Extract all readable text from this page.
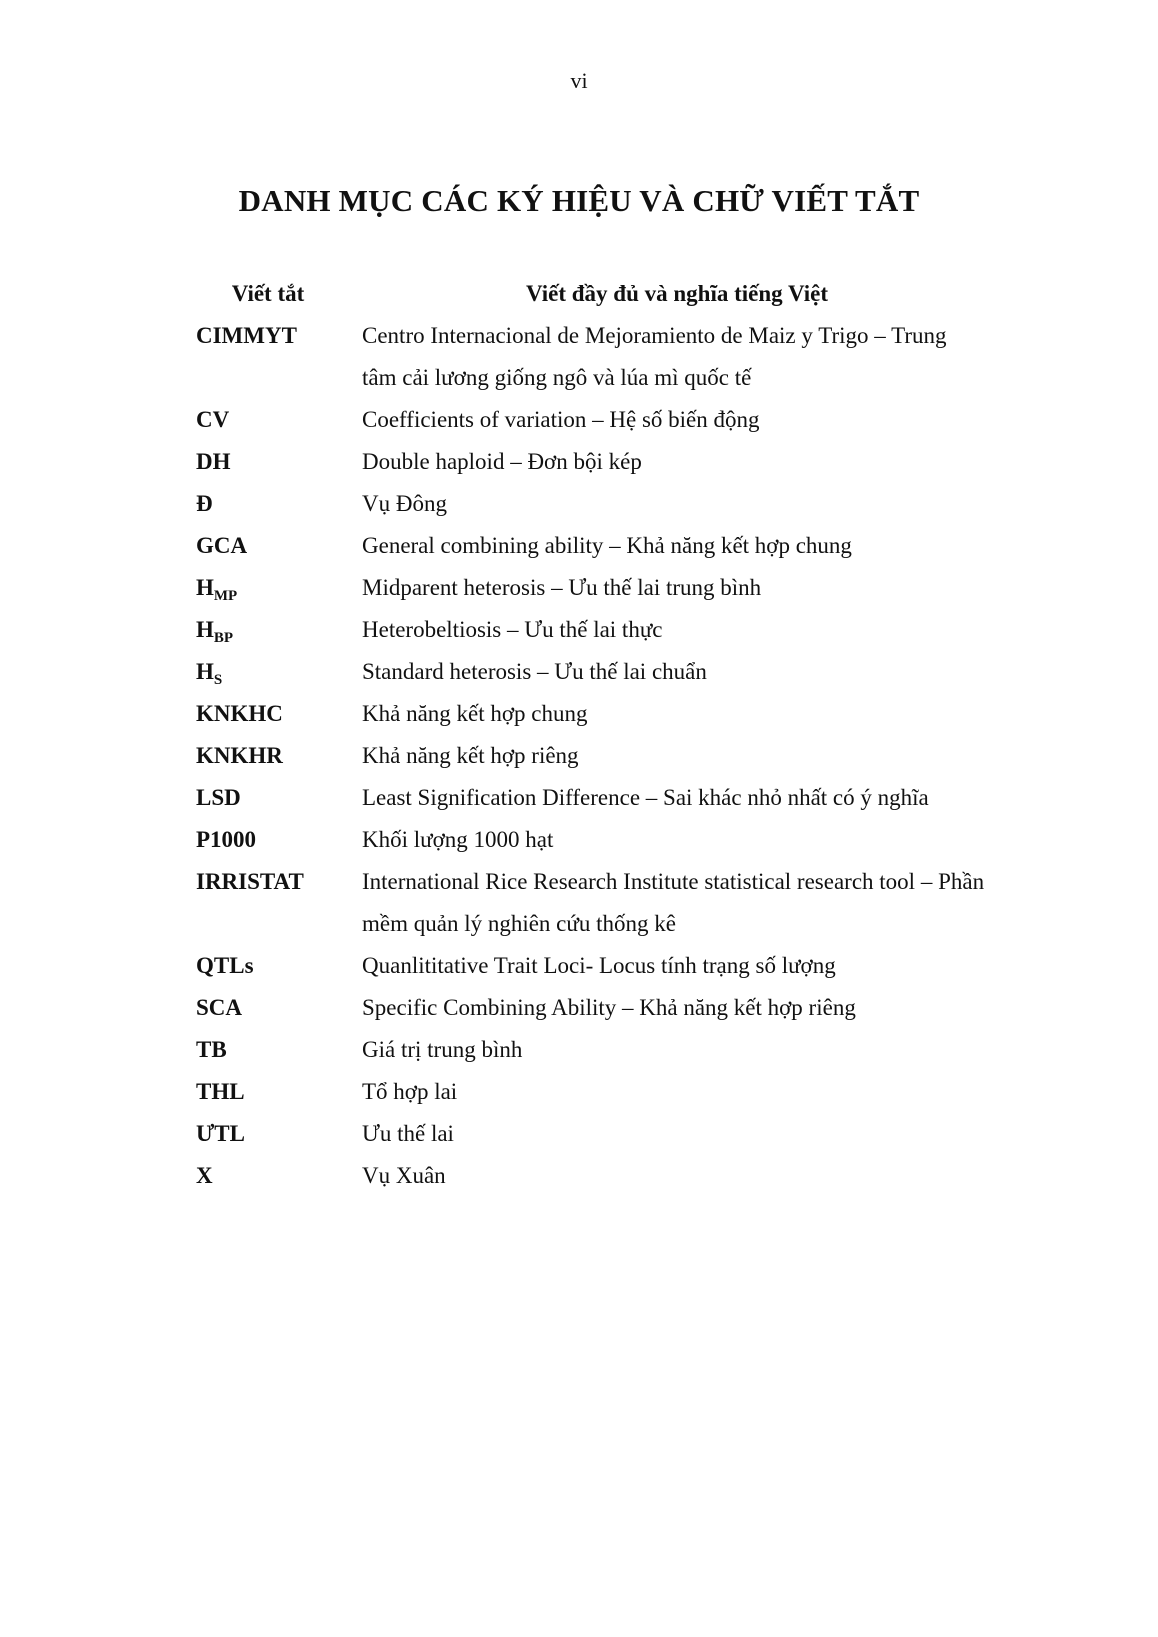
vi
DANH MỤC CÁC KÝ HIỆU VÀ CHỮ VIẾT TẮT
Viết tắt	Viết đầy đủ và nghĩa tiếng Việt
CIMMYT	Centro Internacional de Mejoramiento de Maiz y Trigo – Trung tâm cải lương giống ngô và lúa mì quốc tế
CV	Coefficients of variation – Hệ số biến động
DH	Double haploid – Đơn bội kép
Đ	Vụ Đông
GCA	General combining ability – Khả năng kết hợp chung
$H_{MP}$	Midparent heterosis – Ưu thế lai trung bình
$H_{BP}$	Heterobeltiosis – Ưu thế lai thực
$H_S$	Standard heterosis – Ưu thế lai chuẩn
KNKHC	Khả năng kết hợp chung
KNKHR	Khả năng kết hợp riêng
LSD	Least Signification Difference – Sai khác nhỏ nhất có ý nghĩa
P1000	Khối lượng 1000 hạt
IRRISTAT	International Rice Research Institute statistical research tool – Phần mềm quản lý nghiên cứu thống kê
QTLs	Quanlititative Trait Loci- Locus tính trạng số lượng
SCA	Specific Combining Ability – Khả năng kết hợp riêng
TB	Giá trị trung bình
THL	Tổ hợp lai
ƯTL	Ưu thế lai
X	Vụ Xuân
